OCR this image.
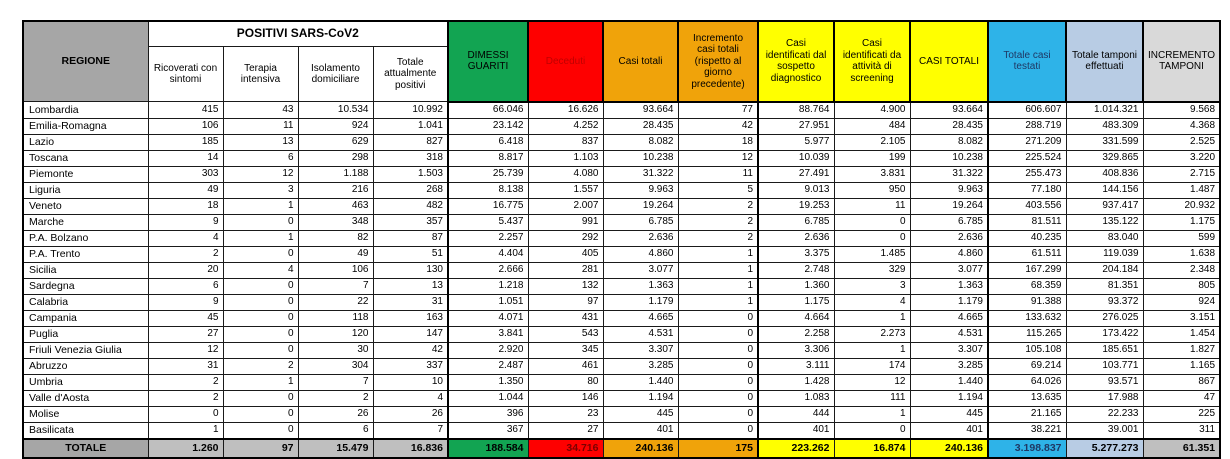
REGIONE	POSITIVI SARS-CoV2				DIMESSI GUARITI	Deceduti	Casi totali	Incremento casi totali (rispetto al giorno precedente)	Casi identificati dal sospetto diagnostico	Casi identificati da attività di screening	CASI TOTALI	Totale casi testati	Totale tamponi effettuati	INCREMENTO TAMPONI
	Ricoverati con sintomi	Terapia intensiva	Isolamento domiciliare	Totale attualmente positivi										
Lombardia	415	43	10.534	10.992	66.046	16.626	93.664	77	88.764	4.900	93.664	606.607	1.014.321	9.568
Emilia-Romagna	106	11	924	1.041	23.142	4.252	28.435	42	27.951	484	28.435	288.719	483.309	4.368
Lazio	185	13	629	827	6.418	837	8.082	18	5.977	2.105	8.082	271.209	331.599	2.525
Toscana	14	6	298	318	8.817	1.103	10.238	12	10.039	199	10.238	225.524	329.865	3.220
Piemonte	303	12	1.188	1.503	25.739	4.080	31.322	11	27.491	3.831	31.322	255.473	408.836	2.715
Liguria	49	3	216	268	8.138	1.557	9.963	5	9.013	950	9.963	77.180	144.156	1.487
Veneto	18	1	463	482	16.775	2.007	19.264	2	19.253	11	19.264	403.556	937.417	20.932
Marche	9	0	348	357	5.437	991	6.785	2	6.785	0	6.785	81.511	135.122	1.175
P.A. Bolzano	4	1	82	87	2.257	292	2.636	2	2.636	0	2.636	40.235	83.040	599
P.A. Trento	2	0	49	51	4.404	405	4.860	1	3.375	1.485	4.860	61.511	119.039	1.638
Sicilia	20	4	106	130	2.666	281	3.077	1	2.748	329	3.077	167.299	204.184	2.348
Sardegna	6	0	7	13	1.218	132	1.363	1	1.360	3	1.363	68.359	81.351	805
Calabria	9	0	22	31	1.051	97	1.179	1	1.175	4	1.179	91.388	93.372	924
Campania	45	0	118	163	4.071	431	4.665	0	4.664	1	4.665	133.632	276.025	3.151
Puglia	27	0	120	147	3.841	543	4.531	0	2.258	2.273	4.531	115.265	173.422	1.454
Friuli Venezia Giulia	12	0	30	42	2.920	345	3.307	0	3.306	1	3.307	105.108	185.651	1.827
Abruzzo	31	2	304	337	2.487	461	3.285	0	3.111	174	3.285	69.214	103.771	1.165
Umbria	2	1	7	10	1.350	80	1.440	0	1.428	12	1.440	64.026	93.571	867
Valle d'Aosta	2	0	2	4	1.044	146	1.194	0	1.083	111	1.194	13.635	17.988	47
Molise	0	0	26	26	396	23	445	0	444	1	445	21.165	22.233	225
Basilicata	1	0	6	7	367	27	401	0	401	0	401	38.221	39.001	311
TOTALE	1.260	97	15.479	16.836	188.584	34.716	240.136	175	223.262	16.874	240.136	3.198.837	5.277.273	61.351
